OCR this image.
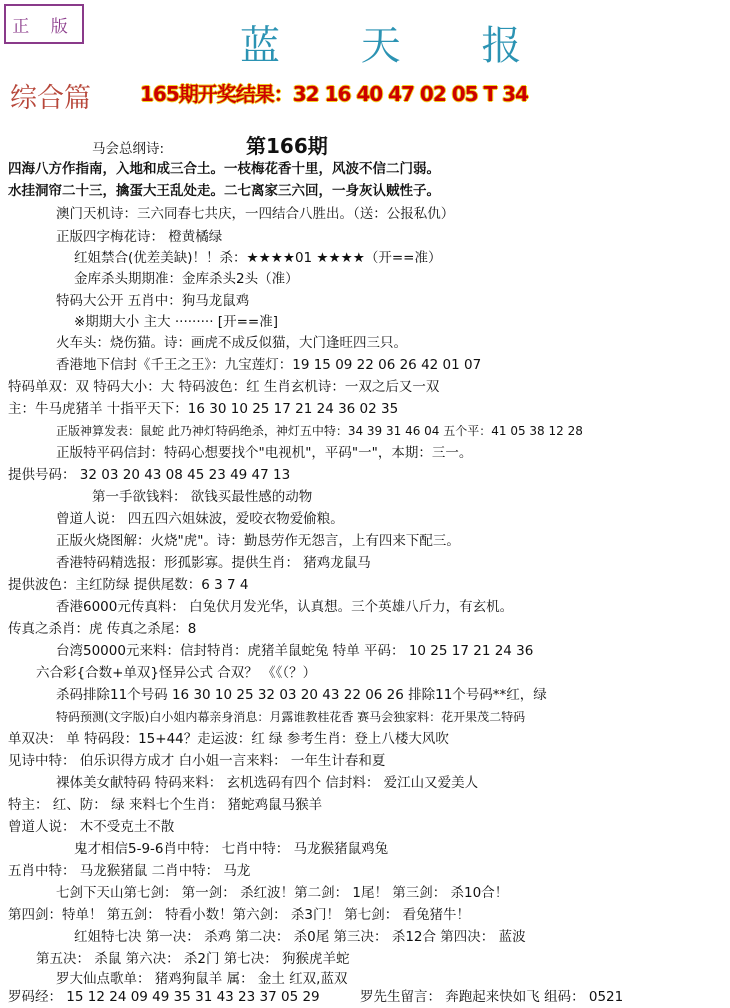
正 版	蓝 天 报
综合篇 165期开奖结果：32 16 40 47 02 05 T 34
第166期
马会总纲诗:
四海八方作指南，入地和成三合土。一枝梅花香十里，风波不信二门弱。
水挂洞帘二十三，擒蛋大王乱处走。二七离家三六回，一身灰认贼性子。
澳门天机诗：三六同春七共庆，一四结合八胜出。（送：公报私仇）
正版四字梅花诗： 橙黄橘绿
红姐禁合(优差美缺)！！杀：★★★★01 ★★★★（开==准）
金库杀头期期准：金库杀头2头（准）
特码大公开 五肖中：狗马龙鼠鸡
※期期大小 主大 ········· [开==准]
火车头：烧伤猫。诗：画虎不成反似猫，大门逢旺四三只。
香港地下信封《千王之王》：九宝莲灯：19 15 09 22 06 26 42 01 07
特码单双：双 特码大小：大 特码波色：红 生肖玄机诗：一双之后又一双
主：牛马虎猪羊 十指平天下：16 30 10 25 17 21 24 36 02 35
正版神算发表：鼠蛇 此乃神灯特码绝杀，神灯五中特：34 39 31 46 04 五个平：41 05 38 12 28
正版特平码信封：特码心想要找个"电视机"，平码"一"，本期：三一。
提供号码： 32 03 20 43 08 45 23 49 47 13
第一手欲钱料： 欲钱买最性感的动物
曾道人说： 四五四六姐妹波，爱咬衣物爱偷粮。
正版火烧图解：火烧"虎"。诗：勤恳劳作无怨言，上有四来下配三。
香港特码精选报：形孤影寡。提供生肖： 猪鸡龙鼠马
提供波色：主红防绿 提供尾数：6 3 7 4
香港6000元传真料： 白兔伏月发光华，认真想。三个英雄八斤力，有玄机。
传真之杀肖：虎 传真之杀尾：8
台湾50000元来料：信封特肖：虎猪羊鼠蛇兔 特单 平码： 10 25 17 21 24 36
六合彩{合数+单双}怪异公式 合双？ 《《（？）
杀码排除11个号码 16 30 10 25 32 03 20 43 22 06 26 排除11个号码**红，绿
特码预测(文字版)白小姐内幕亲身消息：月露谁教桂花香 赛马会独家料：花开果茂二特码
单双决： 单 特码段：15+44？走运波：红 绿 参考生肖：登上八楼大风吹
见诗中特： 伯乐识得方成才 白小姐一言来料： 一年生计春和夏
裸体美女献特码 特码来料： 玄机选码有四个 信封料： 爱江山又爱美人
特主： 红、防： 绿 来料七个生肖： 猪蛇鸡鼠马猴羊
曾道人说： 木不受克土不散
鬼才相信5-9-6肖中特： 七肖中特： 马龙猴猪鼠鸡兔
五肖中特： 马龙猴猪鼠 二肖中特： 马龙
七剑下天山第七剑： 第一剑： 杀红波！第二剑： 1尾！ 第三剑： 杀10合！
第四剑：特单！ 第五剑： 特看小数！第六剑： 杀3门！ 第七剑： 看兔猪牛！
红姐特七决 第一决： 杀鸡 第二决： 杀0尾 第三决： 杀12合 第四决： 蓝波
第五决： 杀鼠 第六决： 杀2门 第七决： 狗猴虎羊蛇
罗大仙点歌单： 猪鸡狗鼠羊 属： 金土 红双,蓝双
罗码经： 15 12 24 09 49 35 31 43 23 37 05 29	罗先生留言： 奔跑起来快如飞 组码： 0521
